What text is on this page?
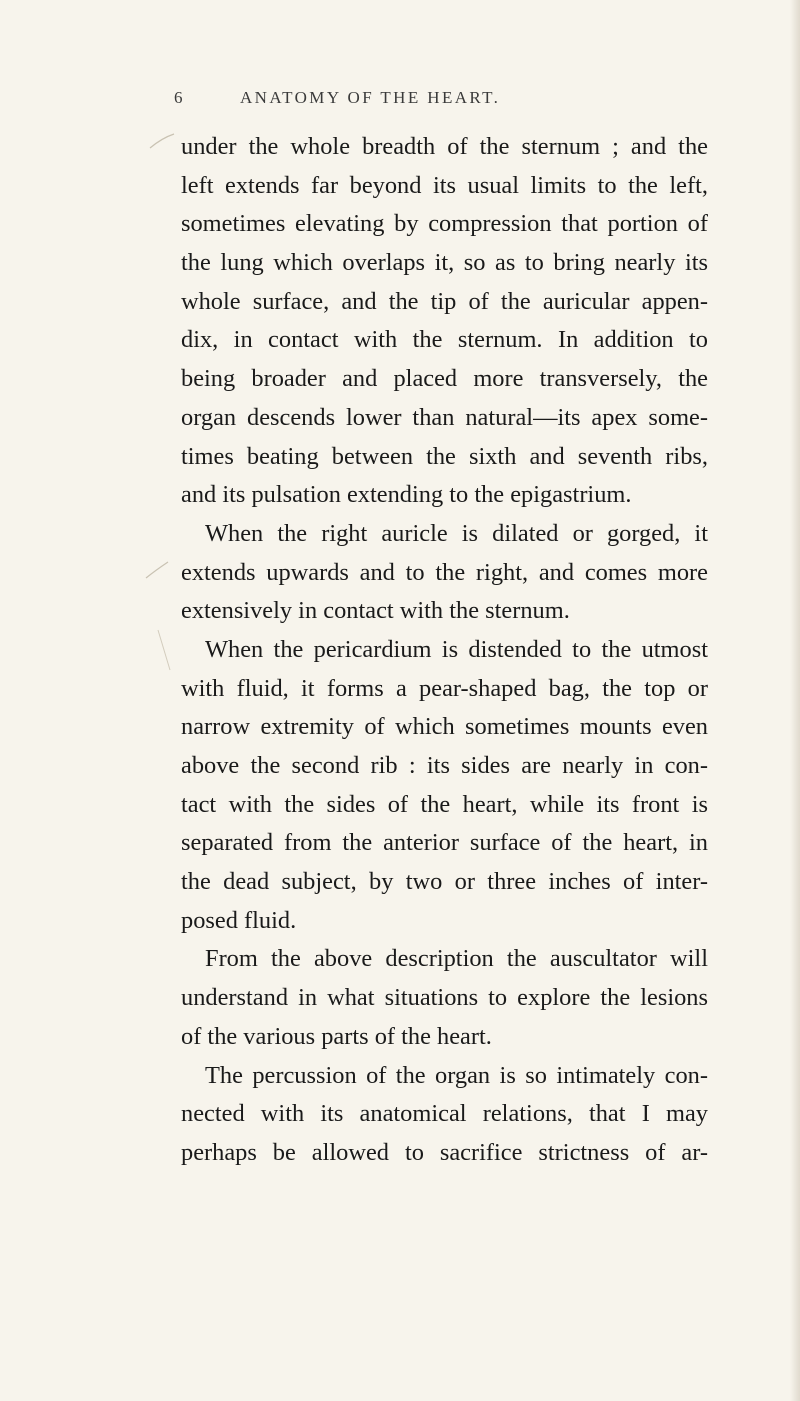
6	ANATOMY OF THE HEART.
under the whole breadth of the sternum ; and the
left extends far beyond its usual limits to the left,
sometimes elevating by compression that portion of
the lung which overlaps it, so as to bring nearly its
whole surface, and the tip of the auricular appen-
dix, in contact with the sternum. In addition to
being broader and placed more transversely, the
organ descends lower than natural—its apex some-
times beating between the sixth and seventh ribs,
and its pulsation extending to the epigastrium.
When the right auricle is dilated or gorged, it
extends upwards and to the right, and comes more
extensively in contact with the sternum.
When the pericardium is distended to the utmost
with fluid, it forms a pear-shaped bag, the top or
narrow extremity of which sometimes mounts even
above the second rib : its sides are nearly in con-
tact with the sides of the heart, while its front is
separated from the anterior surface of the heart, in
the dead subject, by two or three inches of inter-
posed fluid.
From the above description the auscultator will
understand in what situations to explore the lesions
of the various parts of the heart.
The percussion of the organ is so intimately con-
nected with its anatomical relations, that I may
perhaps be allowed to sacrifice strictness of ar-
